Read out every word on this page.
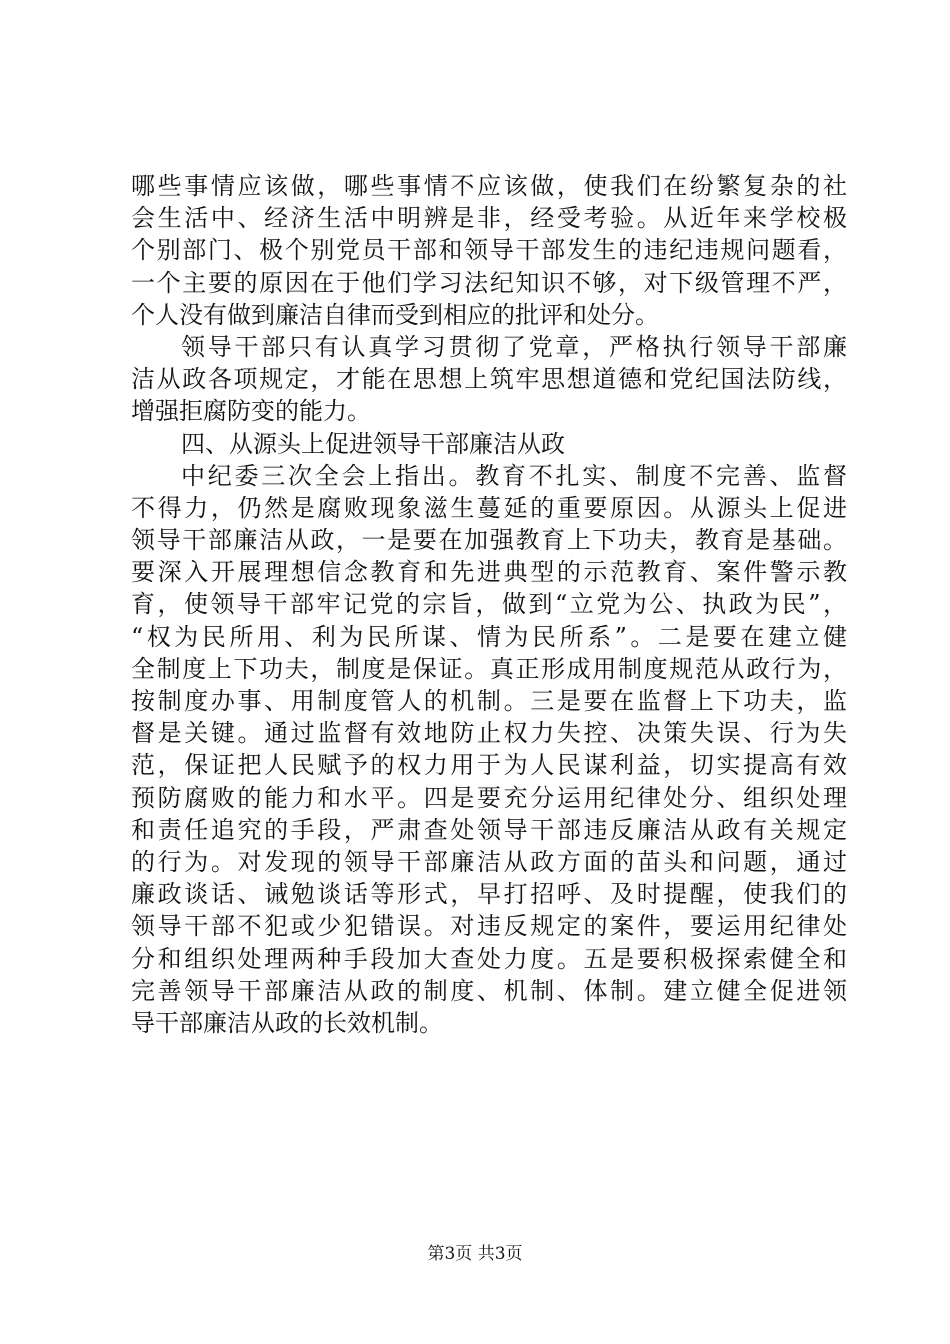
哪些事情应该做，哪些事情不应该做，使我们在纷繁复杂的社
会生活中、经济生活中明辨是非，经受考验。从近年来学校极
个别部门、极个别党员干部和领导干部发生的违纪违规问题看，
一个主要的原因在于他们学习法纪知识不够，对下级管理不严，
个人没有做到廉洁自律而受到相应的批评和处分。
领导干部只有认真学习贯彻了党章，严格执行领导干部廉
洁从政各项规定，才能在思想上筑牢思想道德和党纪国法防线，
增强拒腐防变的能力。
四、从源头上促进领导干部廉洁从政
中纪委三次全会上指出。教育不扎实、制度不完善、监督
不得力，仍然是腐败现象滋生蔓延的重要原因。从源头上促进
领导干部廉洁从政，一是要在加强教育上下功夫，教育是基础。
要深入开展理想信念教育和先进典型的示范教育、案件警示教
育，使领导干部牢记党的宗旨，做到“立党为公、执政为民”，
“权为民所用、利为民所谋、情为民所系”。二是要在建立健
全制度上下功夫，制度是保证。真正形成用制度规范从政行为，
按制度办事、用制度管人的机制。三是要在监督上下功夫，监
督是关键。通过监督有效地防止权力失控、决策失误、行为失
范，保证把人民赋予的权力用于为人民谋利益，切实提高有效
预防腐败的能力和水平。四是要充分运用纪律处分、组织处理
和责任追究的手段，严肃查处领导干部违反廉洁从政有关规定
的行为。对发现的领导干部廉洁从政方面的苗头和问题，通过
廉政谈话、诫勉谈话等形式，早打招呼、及时提醒，使我们的
领导干部不犯或少犯错误。对违反规定的案件，要运用纪律处
分和组织处理两种手段加大查处力度。五是要积极探索健全和
完善领导干部廉洁从政的制度、机制、体制。建立健全促进领
导干部廉洁从政的长效机制。
第3页 共3页
